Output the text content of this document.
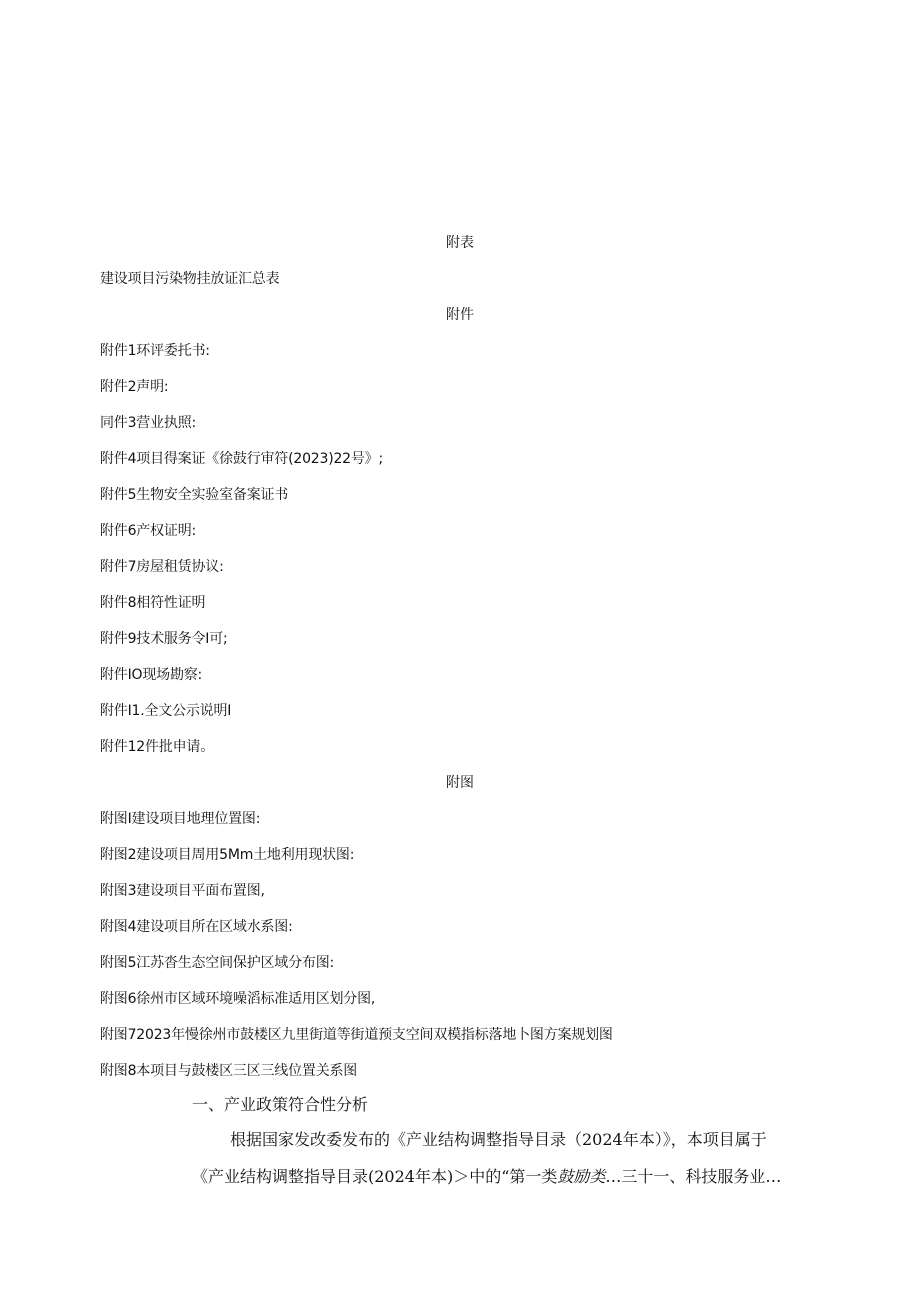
附表
建设项目污染物挂放证汇总表
附件
附件1环评委托书:
附件2声明:
同件3营业执照:
附件4项目得案证《徐鼓行审符(2023)22号》;
附件5生物安全实验室备案证书
附件6产权证明:
附件7房屋租赁协议:
附件8相符性证明
附件9技术服务令I可;
附件IO现场勘察:
附件I1.全文公示说明I
附件12件批申请。
附图
附图I建设项目地理位置图:
附图2建设项目周用5Mm土地利用现状图:
附图3建设项目平面布置图,
附图4建设项目所在区域水系图:
附图5江苏沓生态空间保护区域分布图:
附图6徐州市区域环境噪滔标准适用区划分图,
附图72023年慢徐州市鼓楼区九里街道等街道预支空间双模指标落地卜图方案规划图
附图8本项目与鼓楼区三区三线位置关系图
一、产业政策符合性分析
根据国家发改委发布的《产业结构调整指导目录（2024年本）》，本项目属于
《产业结构调整指导目录(2024年本)＞中的“第一类鼓励类…三十一、科技服务业…
